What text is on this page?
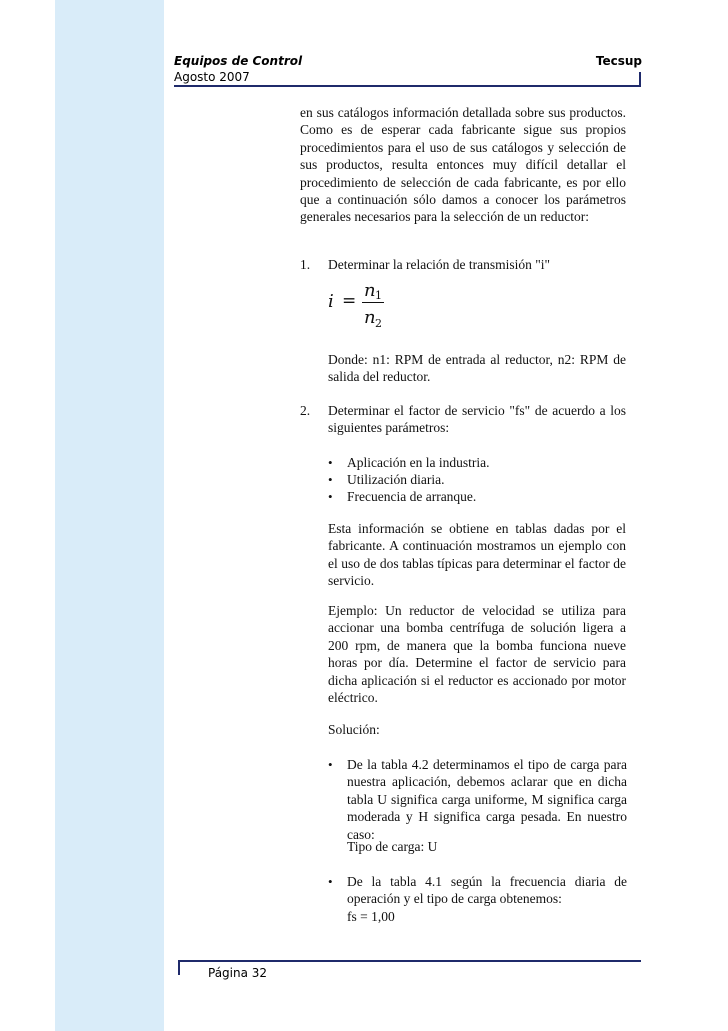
Equipos de Control	Tecsup
Agosto 2007
en sus catálogos información detallada sobre sus productos. Como es de esperar cada fabricante sigue sus propios procedimientos para el uso de sus catálogos y selección de sus productos, resulta entonces muy difícil detallar el procedimiento de selección de cada fabricante, es por ello que a continuación sólo damos a conocer los parámetros generales necesarios para la selección de un reductor:
1. Determinar la relación de transmisión "i"
i = n 1
n 2
Donde: n1: RPM de entrada al reductor, n2: RPM de salida del reductor.
2. Determinar el factor de servicio "fs" de acuerdo a los siguientes parámetros:
• Aplicación en la industria.
• Utilización diaria.
• Frecuencia de arranque.
Esta información se obtiene en tablas dadas por el fabricante. A continuación mostramos un ejemplo con el uso de dos tablas típicas para determinar el factor de servicio.
Ejemplo: Un reductor de velocidad se utiliza para accionar una bomba centrífuga de solución ligera a 200 rpm, de manera que la bomba funciona nueve horas por día. Determine el factor de servicio para dicha aplicación si el reductor es accionado por motor eléctrico.
Solución:
• De la tabla 4.2 determinamos el tipo de carga para nuestra aplicación, debemos aclarar que en dicha tabla U significa carga uniforme, M significa carga moderada y H significa carga pesada. En nuestro caso:
Tipo de carga: U
• De la tabla 4.1 según la frecuencia diaria de operación y el tipo de carga obtenemos:
fs = 1,00
Página 32
